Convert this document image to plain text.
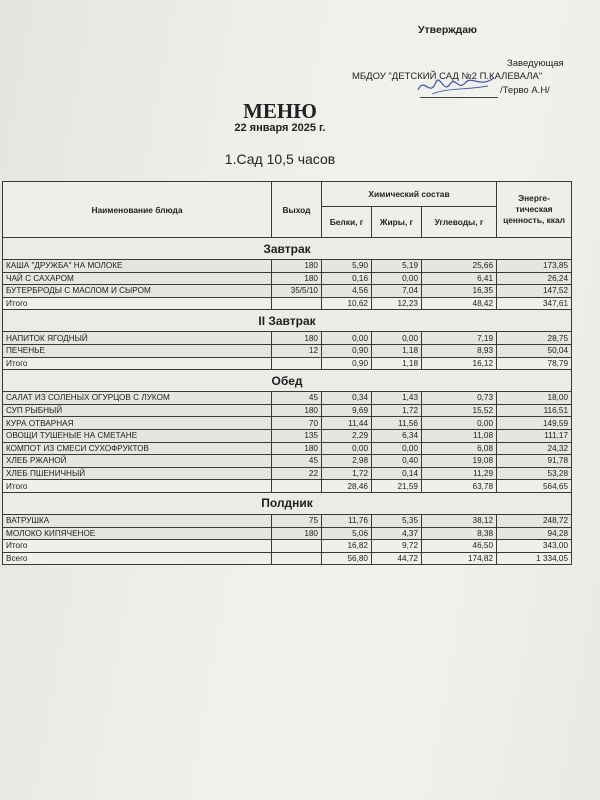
Утверждаю
Заведующая
МБДОУ "ДЕТСКИЙ САД №2 П.КАЛЕВАЛА"
/Терво А.Н/
МЕНЮ
22 января 2025 г.
1.Сад 10,5 часов
Наименование блюда	Выход	Химический состав			Энерге-тическая ценность, ккал
		Белки, г	Жиры, г	Углеводы, г	
Завтрак					
КАША "ДРУЖБА" НА МОЛОКЕ	180	5,90	5,19	25,66	173,85
ЧАЙ С САХАРОМ	180	0,16	0,00	6,41	26,24
БУТЕРБРОДЫ С МАСЛОМ И СЫРОМ	35/5/10	4,56	7,04	16,35	147,52
Итого		10,62	12,23	48,42	347,61
II Завтрак					
НАПИТОК ЯГОДНЫЙ	180	0,00	0,00	7,19	28,75
ПЕЧЕНЬЕ	12	0,90	1,18	8,93	50,04
Итого		0,90	1,18	16,12	78,79
Обед					
САЛАТ ИЗ СОЛЕНЫХ ОГУРЦОВ С ЛУКОМ	45	0,34	1,43	0,73	18,00
СУП РЫБНЫЙ	180	9,69	1,72	15,52	116,51
КУРА ОТВАРНАЯ	70	11,44	11,56	0,00	149,59
ОВОЩИ ТУШЕНЫЕ НА СМЕТАНЕ	135	2,29	6,34	11,08	111,17
КОМПОТ ИЗ СМЕСИ СУХОФРУКТОВ	180	0,00	0,00	6,08	24,32
ХЛЕБ РЖАНОЙ	45	2,98	0,40	19,08	91,78
ХЛЕБ ПШЕНИЧНЫЙ	22	1,72	0,14	11,29	53,28
Итого		28,46	21,59	63,78	564,65
Полдник					
ВАТРУШКА	75	11,76	5,35	38,12	248,72
МОЛОКО КИПЯЧЕНОЕ	180	5,06	4,37	8,38	94,28
Итого		16,82	9,72	46,50	343,00
Всего		56,80	44,72	174,82	1 334,05
